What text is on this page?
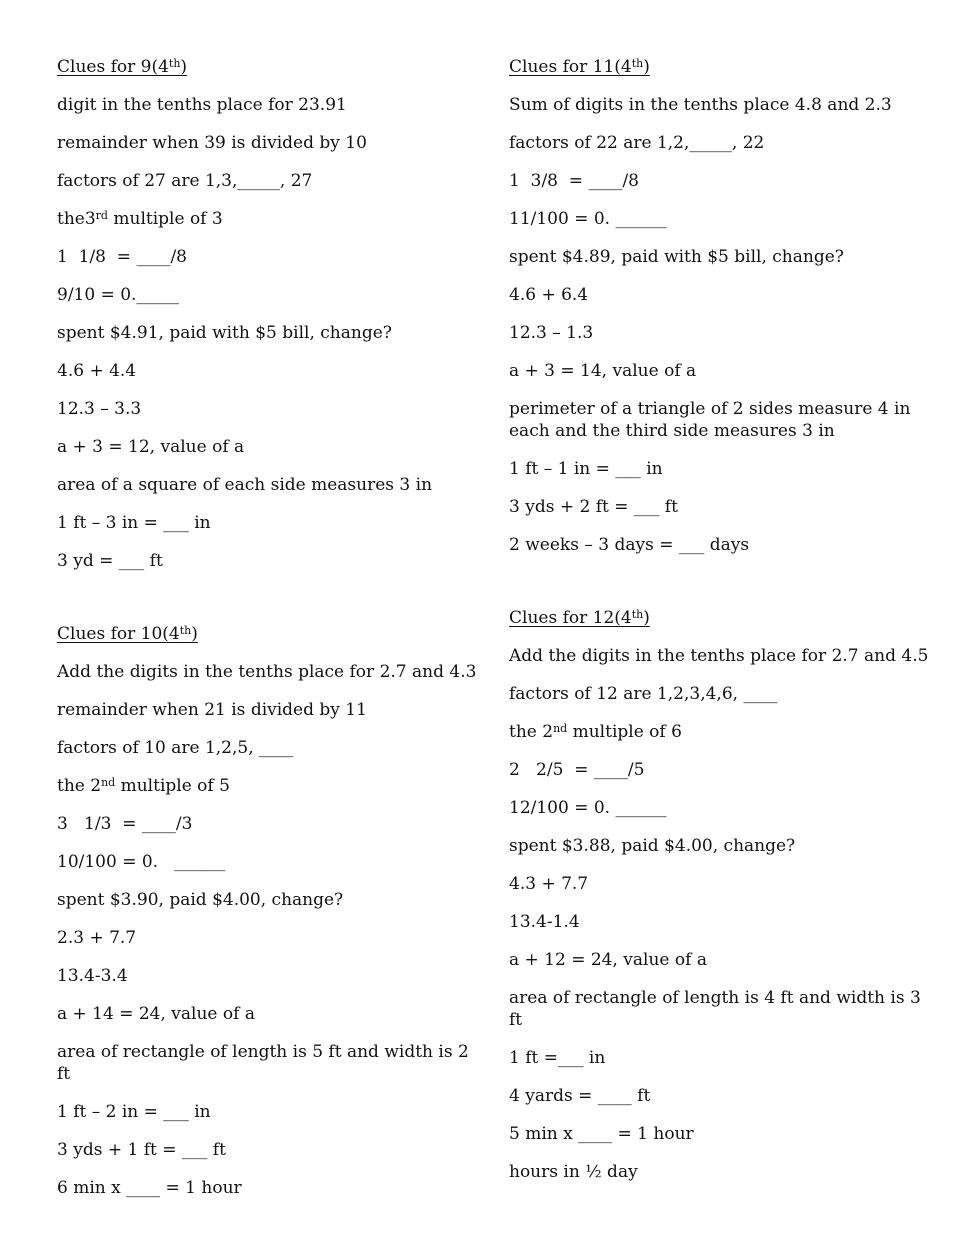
Clues for 9(4th)
digit in the tenths place for 23.91
remainder when 39 is divided by 10
factors of 27 are 1,3,_____, 27
the3rd multiple of 3
1  1/8  = ____/8
9/10 = 0._____
spent $4.91, paid with $5 bill, change?
4.6 + 4.4
12.3 – 3.3
a + 3 = 12, value of a
area of a square of each side measures 3 in
1 ft – 3 in = ___ in
3 yd = ___ ft
Clues for 11(4th)
Sum of digits in the tenths place 4.8 and 2.3
factors of 22 are 1,2,_____, 22
1  3/8  = ____/8
11/100 = 0. ______
spent $4.89, paid with $5 bill, change?
4.6 + 6.4
12.3 – 1.3
a + 3 = 14, value of a
perimeter of a triangle of 2 sides measure 4 in each and the third side measures 3 in
1 ft – 1 in = ___ in
3 yds + 2 ft = ___ ft
2 weeks – 3 days = ___ days
Clues for 10(4th)
Add the digits in the tenths place for 2.7 and 4.3
remainder when 21 is divided by 11
factors of 10 are 1,2,5, ____
the 2nd multiple of 5
3   1/3  = ____/3
10/100 = 0.   ______
spent $3.90, paid $4.00, change?
2.3 + 7.7
13.4-3.4
a + 14 = 24, value of a
area of rectangle of length is 5 ft and width is 2 ft
1 ft – 2 in = ___ in
3 yds + 1 ft = ___ ft
6 min x ____ = 1 hour
Clues for 12(4th)
Add the digits in the tenths place for 2.7 and 4.5
factors of 12 are 1,2,3,4,6, ____
the 2nd multiple of 6
2   2/5  = ____/5
12/100 = 0. ______
spent $3.88, paid $4.00, change?
4.3 + 7.7
13.4-1.4
a + 12 = 24, value of a
area of rectangle of length is 4 ft and width is 3 ft
1 ft =___ in
4 yards = ____ ft
5 min x ____ = 1 hour
hours in ½ day
